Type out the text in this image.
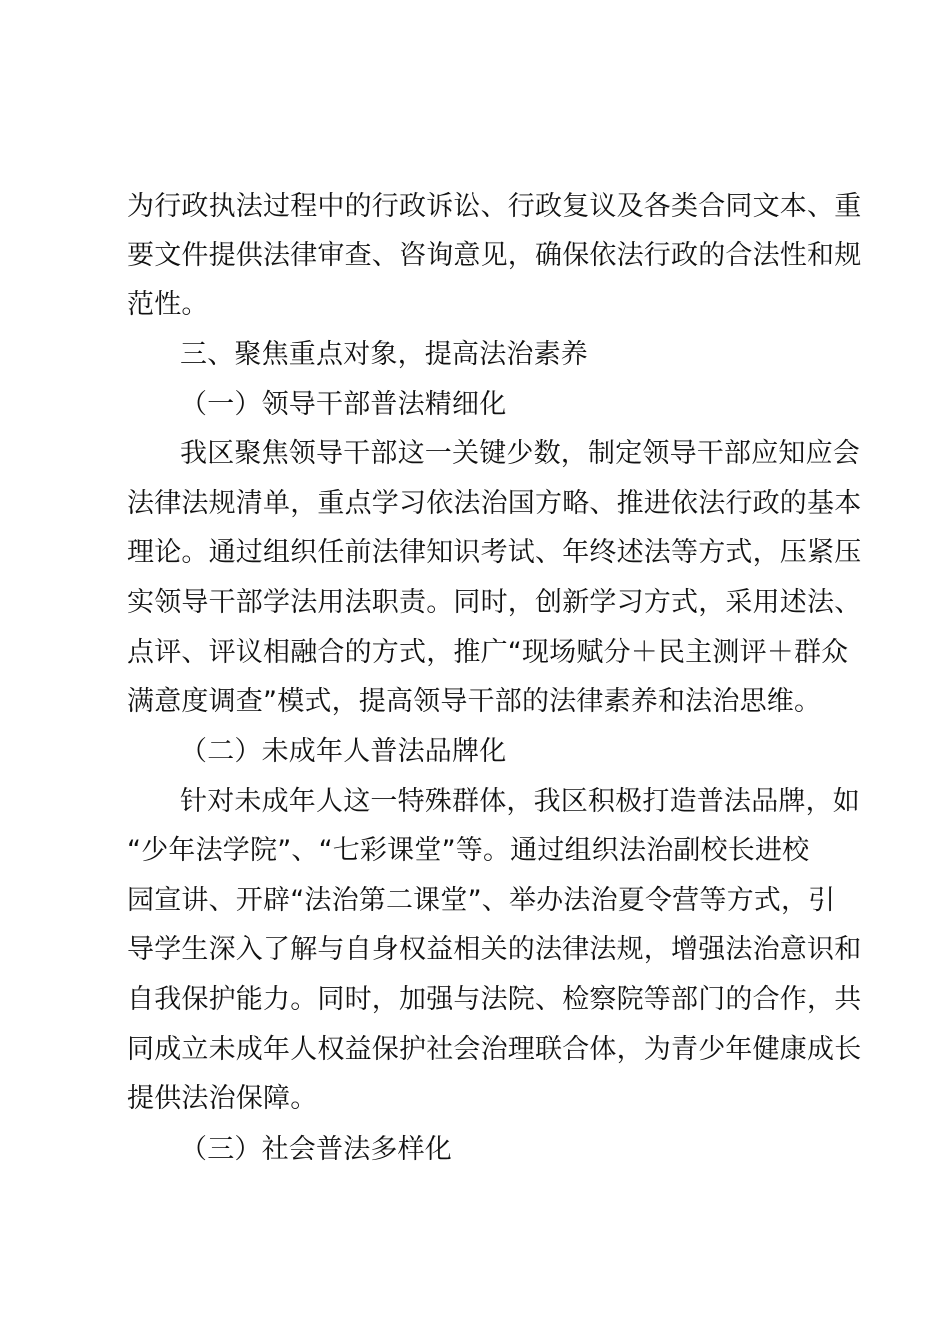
为行政执法过程中的行政诉讼、行政复议及各类合同文本、重
要文件提供法律审查、咨询意见，确保依法行政的合法性和规
范性。
三、聚焦重点对象，提高法治素养
（一）领导干部普法精细化
我区聚焦领导干部这一关键少数，制定领导干部应知应会
法律法规清单，重点学习依法治国方略、推进依法行政的基本
理论。通过组织任前法律知识考试、年终述法等方式，压紧压
实领导干部学法用法职责。同时，创新学习方式，采用述法、
点评、评议相融合的方式，推广“现场赋分＋民主测评＋群众
满意度调查”模式，提高领导干部的法律素养和法治思维。
（二）未成年人普法品牌化
针对未成年人这一特殊群体，我区积极打造普法品牌，如
“少年法学院”、“七彩课堂”等。通过组织法治副校长进校
园宣讲、开辟“法治第二课堂”、举办法治夏令营等方式，引
导学生深入了解与自身权益相关的法律法规，增强法治意识和
自我保护能力。同时，加强与法院、检察院等部门的合作，共
同成立未成年人权益保护社会治理联合体，为青少年健康成长
提供法治保障。
（三）社会普法多样化
